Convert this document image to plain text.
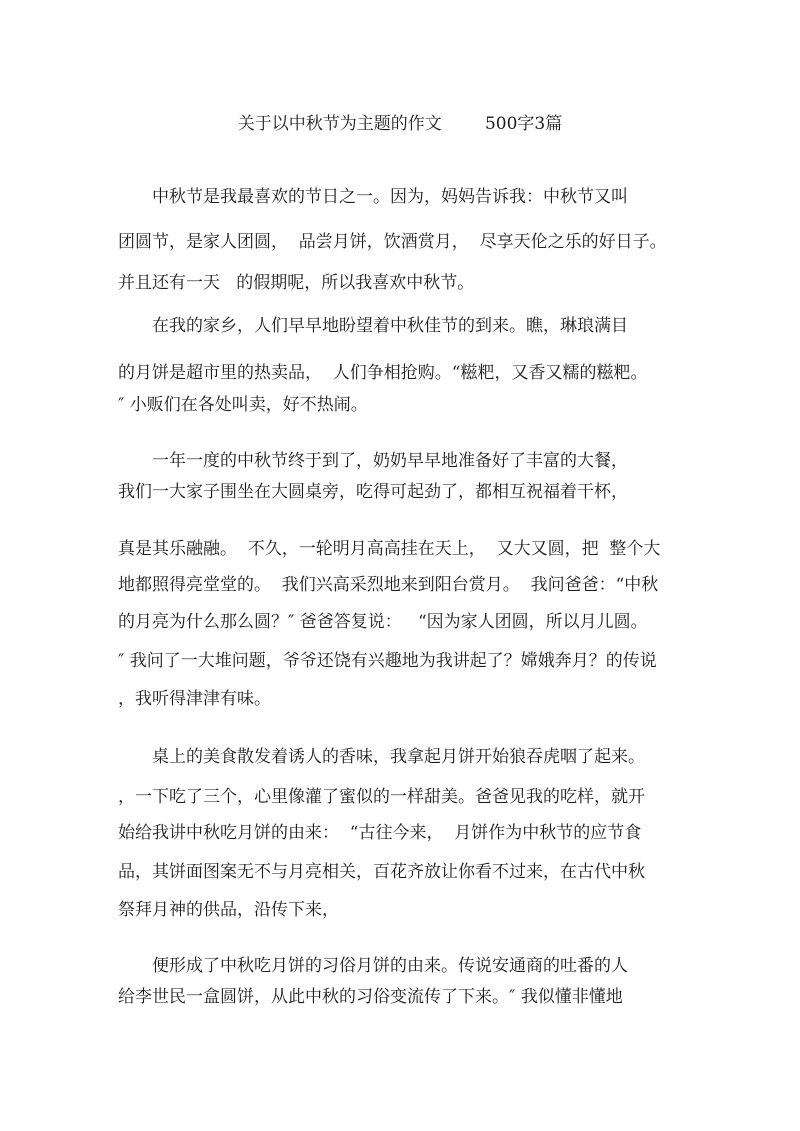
关于以中秋节为主题的作文        500字3篇
中秋节是我最喜欢的节日之一。因为，妈妈告诉我：中秋节又叫
团圆节，是家人团圆，  品尝月饼，饮酒赏月，  尽享天伦之乐的好日子。
并且还有一天   的假期呢，所以我喜欢中秋节。
在我的家乡，人们早早地盼望着中秋佳节的到来。瞧，琳琅满目
的月饼是超市里的热卖品，  人们争相抢购。“糍粑，又香又糯的糍粑。
″ 小贩们在各处叫卖，好不热闹。
一年一度的中秋节终于到了，奶奶早早地准备好了丰富的大餐，
我们一大家子围坐在大圆桌旁，吃得可起劲了，都相互祝福着干杯，
真是其乐融融。  不久，一轮明月高高挂在天上，  又大又圆，把  整个大
地都照得亮堂堂的。  我们兴高采烈地来到阳台赏月。  我问爸爸：“中秋
的月亮为什么那么圆？″ 爸爸答复说：   “因为家人团圆，所以月儿圆。
″ 我问了一大堆问题，爷爷还饶有兴趣地为我讲起了？嫦娥奔月？的传说
，我听得津津有味。
桌上的美食散发着诱人的香味，我拿起月饼开始狼吞虎咽了起来。
，一下吃了三个，心里像灌了蜜似的一样甜美。爸爸见我的吃样，就开
始给我讲中秋吃月饼的由来：  “古往今来，  月饼作为中秋节的应节食
品，其饼面图案无不与月亮相关，百花齐放让你看不过来，在古代中秋
祭拜月神的供品，沿传下来，
便形成了中秋吃月饼的习俗月饼的由来。传说安通商的吐番的人
给李世民一盒圆饼，从此中秋的习俗变流传了下来。″ 我似懂非懂地
